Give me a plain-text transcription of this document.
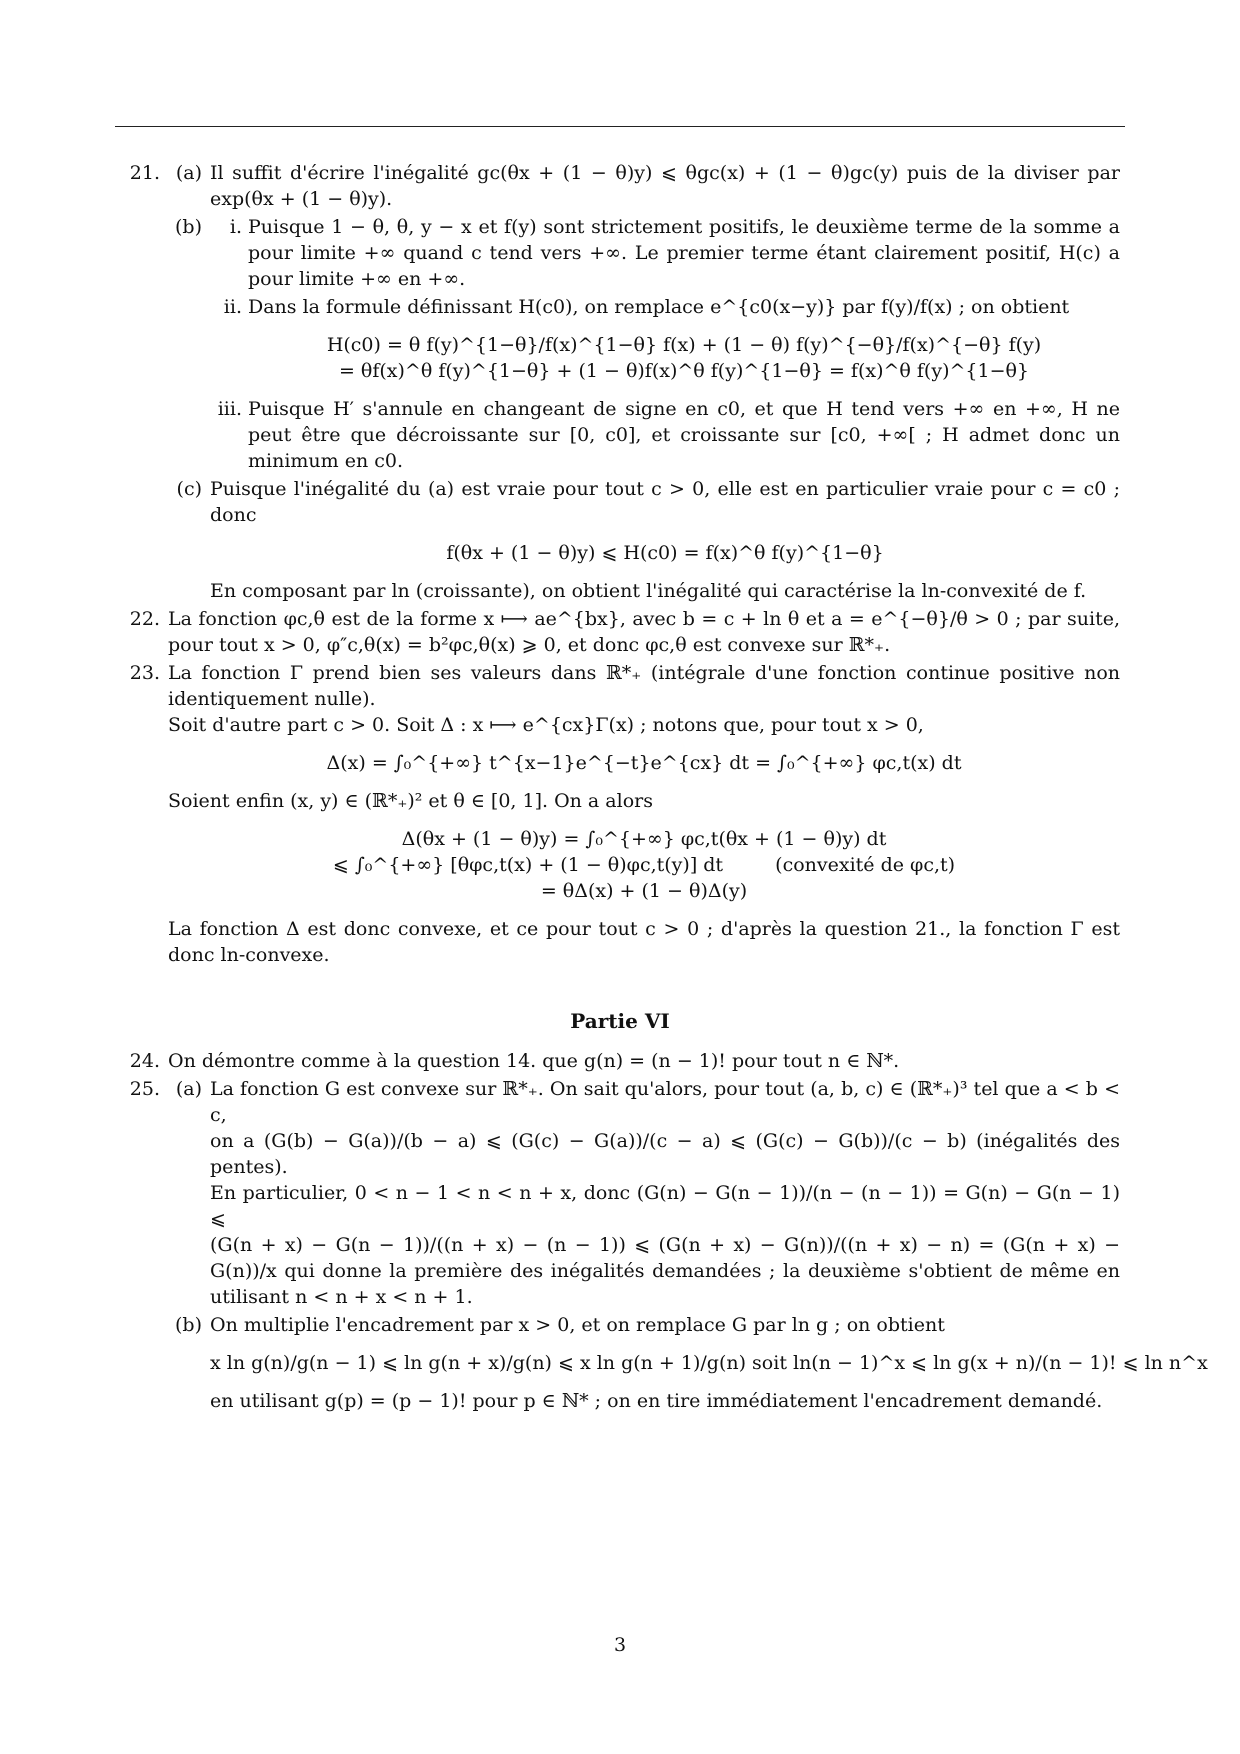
21. (a) Il suffit d'écrire l'inégalité gc(θx + (1 − θ)y) ⩽ θgc(x) + (1 − θ)gc(y) puis de la diviser par exp(θx + (1 − θ)y).
(b)	i. Puisque 1 − θ, θ, y − x et f(y) sont strictement positifs, le deuxième terme de la somme a pour limite +∞ quand c tend vers +∞. Le premier terme étant clairement positif, H(c) a pour limite +∞ en +∞.
ii. Dans la formule définissant H(c0), on remplace e^{c0(x−y)} par f(y)/f(x) ; on obtient
H(c0) = θ f(y)^{1−θ}/f(x)^{1−θ} f(x) + (1 − θ) f(y)^{−θ}/f(x)^{−θ} f(y)
= θf(x)^θ f(y)^{1−θ} + (1 − θ)f(x)^θ f(y)^{1−θ} = f(x)^θ f(y)^{1−θ}
iii. Puisque H′ s'annule en changeant de signe en c0, et que H tend vers +∞ en +∞, H ne peut être que décroissante sur [0, c0], et croissante sur [c0, +∞[ ; H admet donc un minimum en c0.
(c) Puisque l'inégalité du (a) est vraie pour tout c > 0, elle est en particulier vraie pour c = c0 ; donc
f(θx + (1 − θ)y) ⩽ H(c0) = f(x)^θ f(y)^{1−θ}
En composant par ln (croissante), on obtient l'inégalité qui caractérise la ln-convexité de f.
22. La fonction φc,θ est de la forme x ⟼ ae^{bx}, avec b = c + ln θ et a = e^{−θ}/θ > 0 ; par suite, pour tout x > 0, φ″c,θ(x) = b²φc,θ(x) ⩾ 0, et donc φc,θ est convexe sur ℝ*₊.
23. La fonction Γ prend bien ses valeurs dans ℝ*₊ (intégrale d'une fonction continue positive non identiquement nulle).
Soit d'autre part c > 0. Soit Δ : x ⟼ e^{cx}Γ(x) ; notons que, pour tout x > 0,
Δ(x) = ∫₀^{+∞} t^{x−1}e^{−t}e^{cx} dt = ∫₀^{+∞} φc,t(x) dt
Soient enfin (x, y) ∈ (ℝ*₊)² et θ ∈ [0, 1]. On a alors
Δ(θx + (1 − θ)y) = ∫₀^{+∞} φc,t(θx + (1 − θ)y) dt
⩽ ∫₀^{+∞} [θφc,t(x) + (1 − θ)φc,t(y)] dt	(convexité de φc,t)
= θΔ(x) + (1 − θ)Δ(y)
La fonction Δ est donc convexe, et ce pour tout c > 0 ; d'après la question 21., la fonction Γ est donc ln-convexe.
Partie VI
24. On démontre comme à la question 14. que g(n) = (n − 1)! pour tout n ∈ ℕ*.
25. (a) La fonction G est convexe sur ℝ*₊. On sait qu'alors, pour tout (a, b, c) ∈ (ℝ*₊)³ tel que a < b < c,
on a (G(b) − G(a))/(b − a) ⩽ (G(c) − G(a))/(c − a) ⩽ (G(c) − G(b))/(c − b) (inégalités des pentes).
En particulier, 0 < n − 1 < n < n + x, donc (G(n) − G(n − 1))/(n − (n − 1)) = G(n) − G(n − 1) ⩽
(G(n + x) − G(n − 1))/((n + x) − (n − 1)) ⩽ (G(n + x) − G(n))/((n + x) − n) = (G(n + x) − G(n))/x qui donne la première des inégalités demandées ; la deuxième s'obtient de même en utilisant n < n + x < n + 1.
(b) On multiplie l'encadrement par x > 0, et on remplace G par ln g ; on obtient
x ln g(n)/g(n − 1) ⩽ ln g(n + x)/g(n) ⩽ x ln g(n + 1)/g(n) soit ln(n − 1)^x ⩽ ln g(x + n)/(n − 1)! ⩽ ln n^x
en utilisant g(p) = (p − 1)! pour p ∈ ℕ* ; on en tire immédiatement l'encadrement demandé.
3
